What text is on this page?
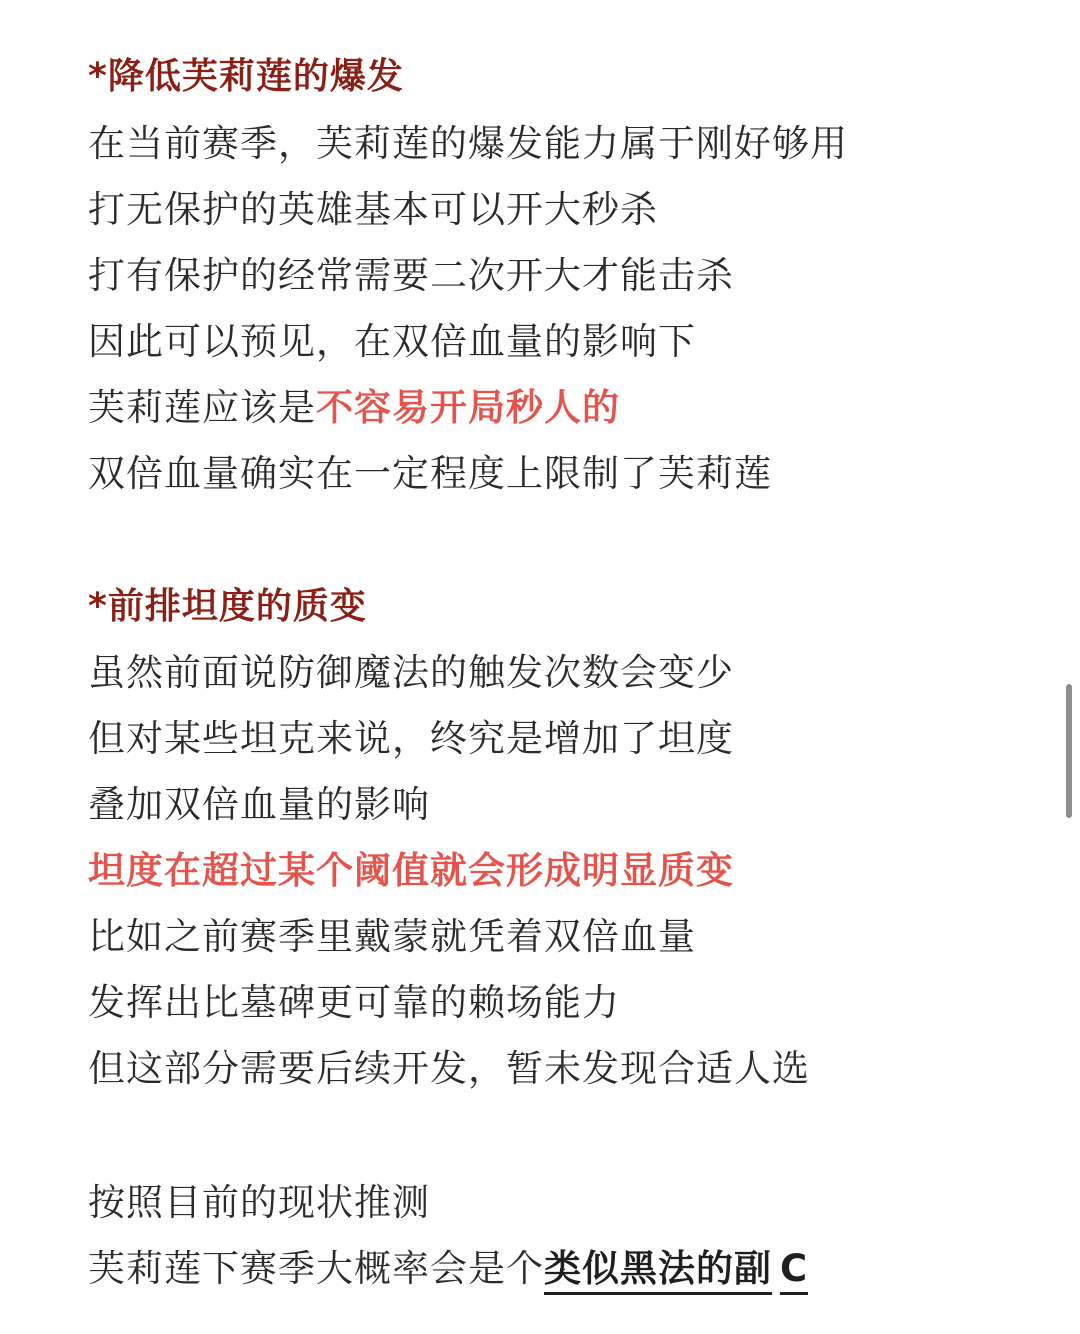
*降低芙莉莲的爆发
在当前赛季，芙莉莲的爆发能力属于刚好够用
打无保护的英雄基本可以开大秒杀
打有保护的经常需要二次开大才能击杀
因此可以预见，在双倍血量的影响下
芙莉莲应该是不容易开局秒人的
双倍血量确实在一定程度上限制了芙莉莲
*前排坦度的质变
虽然前面说防御魔法的触发次数会变少
但对某些坦克来说，终究是增加了坦度
叠加双倍血量的影响
坦度在超过某个阈值就会形成明显质变
比如之前赛季里戴蒙就凭着双倍血量
发挥出比墓碑更可靠的赖场能力
但这部分需要后续开发，暂未发现合适人选
按照目前的现状推测
芙莉莲下赛季大概率会是个类似黑法的副 C
